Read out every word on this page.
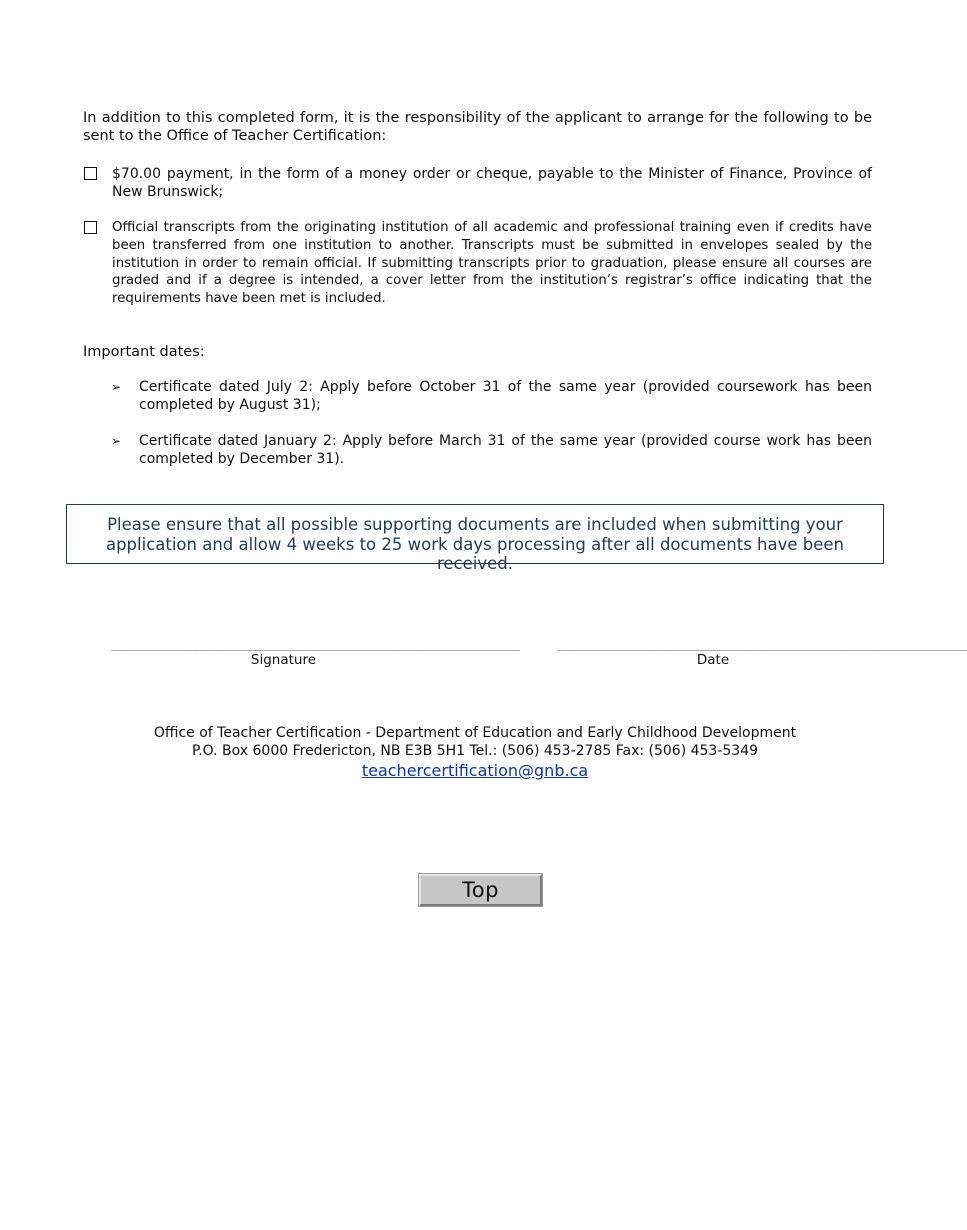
In addition to this completed form, it is the responsibility of the applicant to arrange for the following to be sent to the Office of Teacher Certification:
$70.00 payment, in the form of a money order or cheque, payable to the Minister of Finance, Province of New Brunswick;
Official transcripts from the originating institution of all academic and professional training even if credits have been transferred from one institution to another. Transcripts must be submitted in envelopes sealed by the institution in order to remain official. If submitting transcripts prior to graduation, please ensure all courses are graded and if a degree is intended, a cover letter from the institution’s registrar’s office indicating that the requirements have been met is included.
Important dates:
➢ Certificate dated July 2: Apply before October 31 of the same year (provided coursework has been completed by August 31);
➢ Certificate dated January 2: Apply before March 31 of the same year (provided course work has been completed by December 31).
Please ensure that all possible supporting documents are included when submitting your application and allow 4 weeks to 25 work days processing after all documents have been received.
____________________________________________________________
Signature
____________________________________________________________
Date
Office of Teacher Certification - Department of Education and Early Childhood Development
P.O. Box 6000 Fredericton, NB E3B 5H1 Tel.: (506) 453-2785 Fax: (506) 453-5349
teachercertification@gnb.ca
Top
